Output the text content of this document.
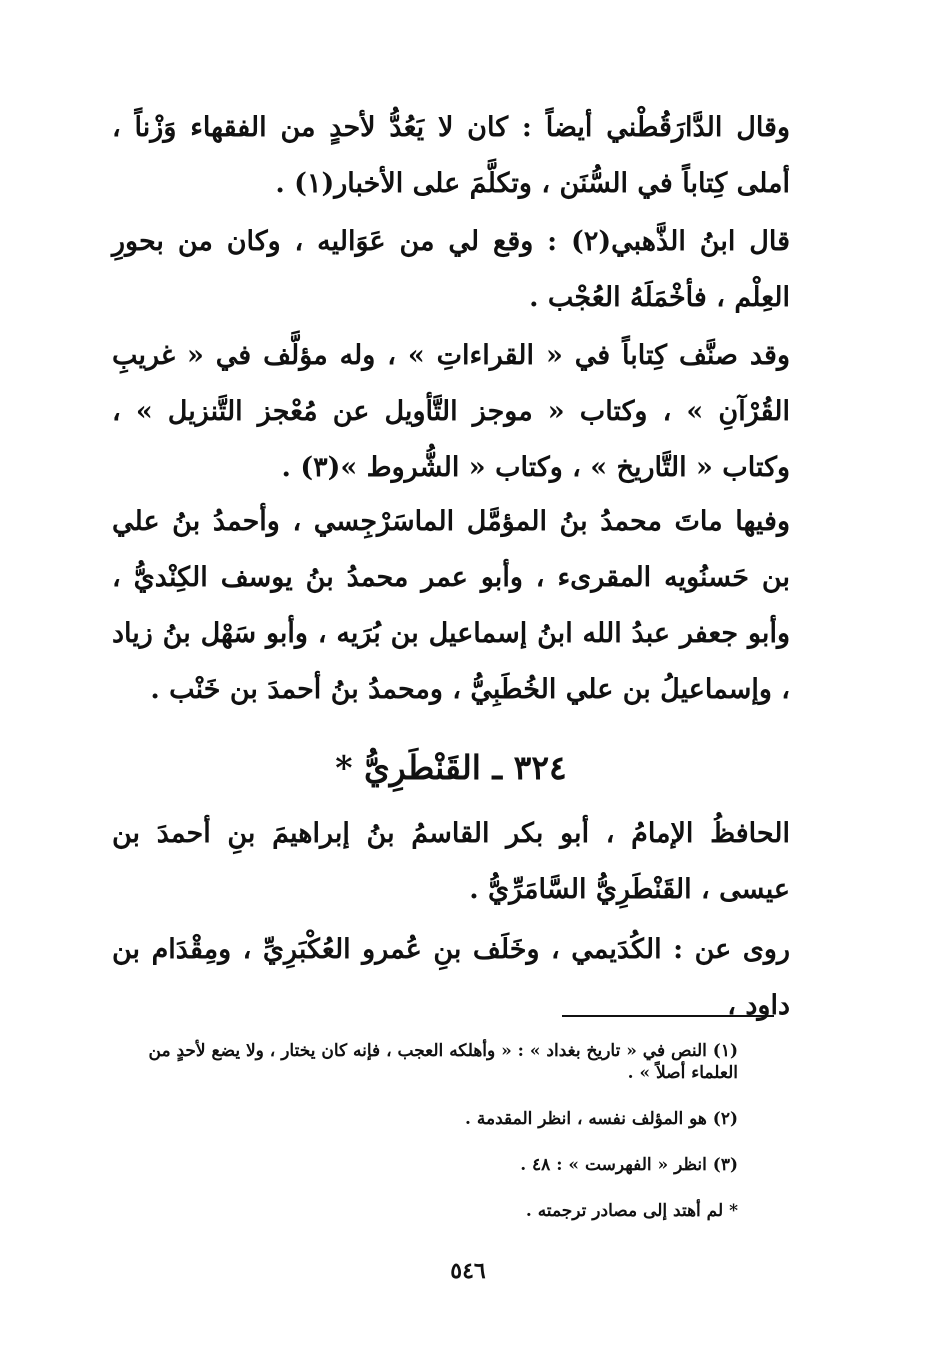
وقال الدَّارَقُطْني أيضاً : كان لا يَعُدُّ لأحدٍ من الفقهاء وَزْناً ، أملى كِتاباً في السُّنَن ، وتكلَّمَ على الأخبار(١) .

قال ابنُ الذَّهبي(٢) : وقع لي من عَوَاليه ، وكان من بحورِ العِلْم ، فأخْمَلَهُ العُجْب .

وقد صنَّف كِتاباً في « القراءاتِ » ، وله مؤلَّف في « غريبِ القُرْآنِ » ، وكتاب « موجز التَّأويل عن مُعْجز التَّنزيل » ، وكتاب « التَّاريخ » ، وكتاب « الشُّروط »(٣) .

وفيها ماتَ محمدُ بنُ المؤمَّل الماسَرْجِسي ، وأحمدُ بنُ علي بن حَسنُويه المقرىء ، وأبو عمر محمدُ بنُ يوسف الكِنْديُّ ، وأبو جعفر عبدُ الله ابنُ إسماعيل بن بُرَيه ، وأبو سَهْل بنُ زياد ، وإسماعيلُ بن علي الخُطَبِيُّ ، ومحمدُ بنُ أحمدَ بن خَنْب .

٣٢٤ ـ القَنْطَرِيُّ *

الحافظُ الإمامُ ، أبو بكر القاسمُ بنُ إبراهيمَ بنِ أحمدَ بن عيسى ، القَنْطَرِيُّ السَّامَرِّيُّ .

روى عن : الكُدَيمي ، وخَلَف بنِ عُمرو العُكْبَرِيِّ ، ومِقْدَام بن داود ،

(١) النص في « تاريخ بغداد » : « وأهلكه العجب ، فإنه كان يختار ، ولا يضع لأحدٍ من العلماء أصلاً » .
(٢) هو المؤلف نفسه ، انظر المقدمة .
(٣) انظر « الفهرست » : ٤٨ .
* لم أهتد إلى مصادر ترجمته .
٥٤٦
